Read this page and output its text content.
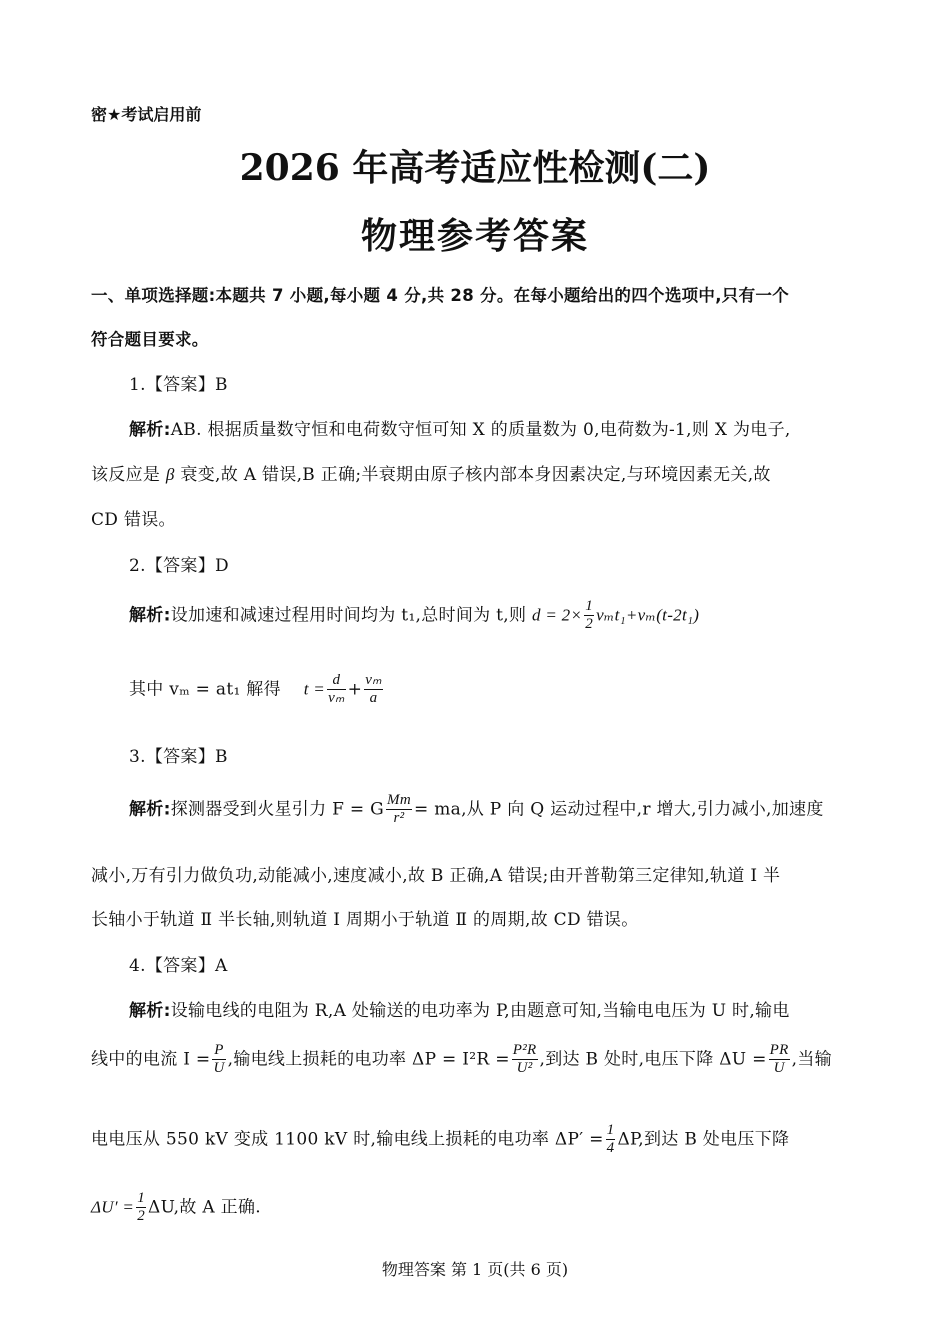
密★考试启用前
2026 年高考适应性检测(二)
物理参考答案
一、单项选择题:本题共 7 小题,每小题 4 分,共 28 分。在每小题给出的四个选项中,只有一个
符合题目要求。
1.【答案】B
解析:AB. 根据质量数守恒和电荷数守恒可知 X 的质量数为 0,电荷数为-1,则 X 为电子,
该反应是 β 衰变,故 A 错误,B 正确;半衰期由原子核内部本身因素决定,与环境因素无关,故
CD 错误。
2.【答案】D
解析:设加速和减速过程用时间均为 t₁,总时间为 t,则 $d = 2\times \frac{1}{2} v_mt_1+v_m(t-2t_1)$
其中 vₘ = at₁ 解得 $t = \frac{d}{\text{vₘ}} + \frac{\text{vₘ}}{a}$
3.【答案】B
解析:探测器受到火星引力 F = G $\frac{Mm}{\text{r²}}$ = ma,从 P 向 Q 运动过程中,r 增大,引力减小,加速度
减小,万有引力做负功,动能减小,速度减小,故 B 正确,A 错误;由开普勒第三定律知,轨道 Ⅰ 半
长轴小于轨道 Ⅱ 半长轴,则轨道 Ⅰ 周期小于轨道 Ⅱ 的周期,故 CD 错误。
4.【答案】A
解析:设输电线的电阻为 R,A 处输送的电功率为 P,由题意可知,当输电电压为 U 时,输电
线中的电流 $I = \frac{P}{U}$ ,输电线上损耗的电功率 $\Delta P = I^2R = \frac{\text{P²R}}{\text{U²}}$ ,到达 B 处时,电压下降 $\Delta U = \frac{PR}{U}$ ,当输
电电压从 550 kV 变成 1100 kV 时,输电线上损耗的电功率 $\Delta P' = \frac{1}{4} \Delta P$,到达 B 处电压下降
$\Delta U' = \frac{1}{2} \Delta U$,故 A 正确.
物理答案 第 1 页(共 6 页)
